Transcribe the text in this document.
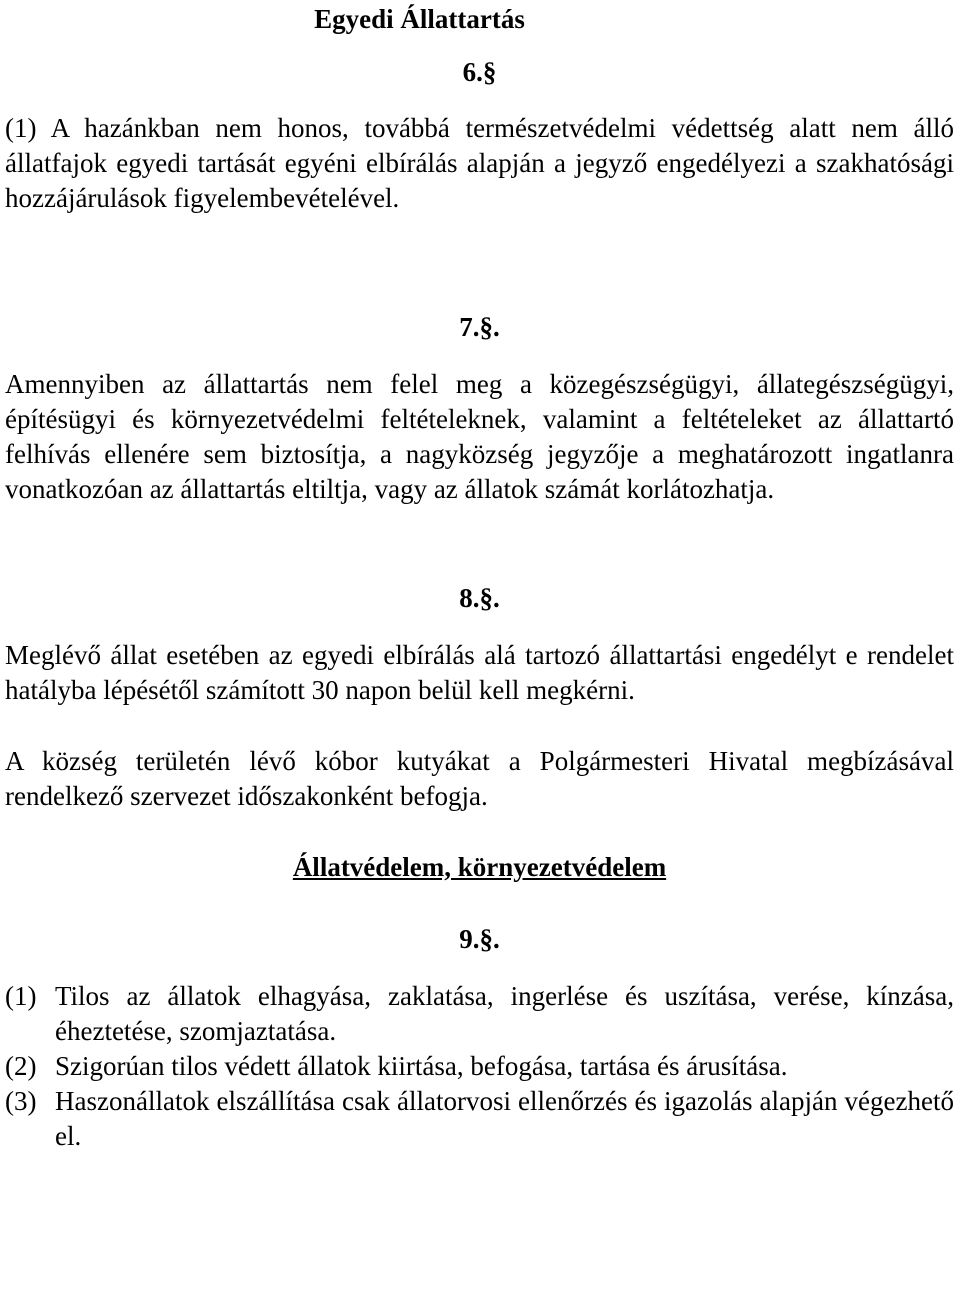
Egyedi Állattartás

6.§

(1) A hazánkban nem honos, továbbá természetvédelmi védettség alatt nem álló állatfajok egyedi tartását egyéni elbírálás alapján a jegyző engedélyezi a szakhatósági hozzájárulások figyelembevételével.

7.§.

Amennyiben az állattartás nem felel meg a közegészségügyi, állategészségügyi, építésügyi és környezetvédelmi feltételeknek, valamint a feltételeket az állattartó felhívás ellenére sem biztosítja, a nagyközség jegyzője a meghatározott ingatlanra vonatkozóan az állattartás eltiltja, vagy az állatok számát korlátozhatja.

8.§.

Meglévő állat esetében az egyedi elbírálás alá tartozó állattartási engedélyt e rendelet hatályba lépésétől számított 30 napon belül kell megkérni.

A község területén lévő kóbor kutyákat a Polgármesteri Hivatal megbízásával rendelkező szervezet időszakonként befogja.

Állatvédelem, környezetvédelem

9.§.

(1) Tilos az állatok elhagyása, zaklatása, ingerlése és uszítása, verése, kínzása, éheztetése, szomjaztatása.
(2) Szigorúan tilos védett állatok kiirtása, befogása, tartása és árusítása.
(3) Haszonállatok elszállítása csak állatorvosi ellenőrzés és igazolás alapján végezhető el.
